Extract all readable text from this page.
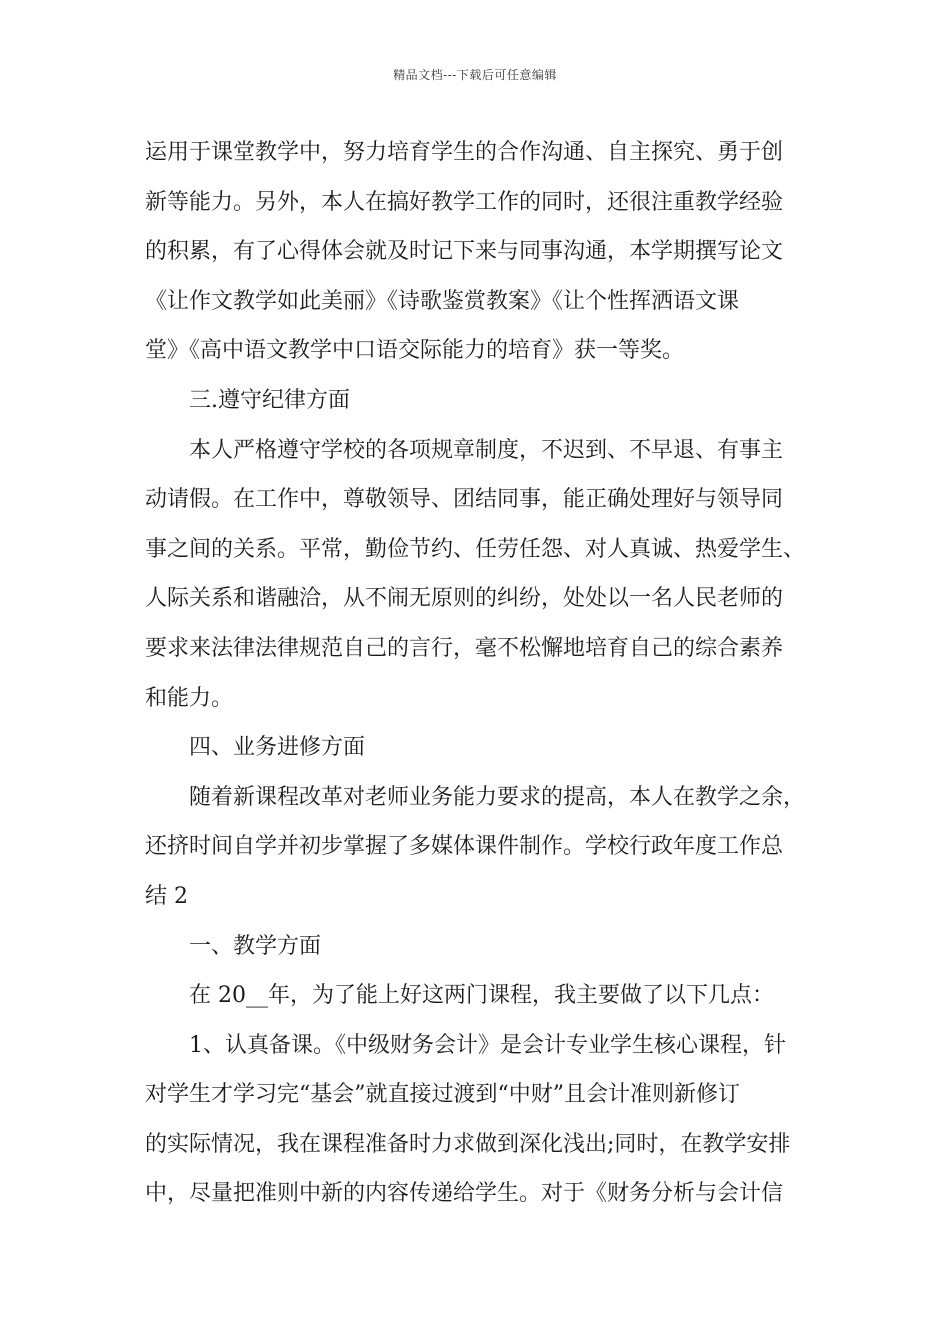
精品文档---下载后可任意编辑
运用于课堂教学中，努力培育学生的合作沟通、自主探究、勇于创
新等能力。另外，本人在搞好教学工作的同时，还很注重教学经验
的积累，有了心得体会就及时记下来与同事沟通，本学期撰写论文
《让作文教学如此美丽》《诗歌鉴赏教案》《让个性挥洒语文课
堂》《高中语文教学中口语交际能力的培育》获一等奖。
三.遵守纪律方面
本人严格遵守学校的各项规章制度，不迟到、不早退、有事主
动请假。在工作中，尊敬领导、团结同事，能正确处理好与领导同
事之间的关系。平常，勤俭节约、任劳任怨、对人真诚、热爱学生、
人际关系和谐融洽，从不闹无原则的纠纷，处处以一名人民老师的
要求来法律法律规范自己的言行，毫不松懈地培育自己的综合素养
和能力。
四、业务进修方面
随着新课程改革对老师业务能力要求的提高，本人在教学之余，
还挤时间自学并初步掌握了多媒体课件制作。学校行政年度工作总
结 2
一、教学方面
在 20__年，为了能上好这两门课程，我主要做了以下几点：
1、认真备课。《中级财务会计》是会计专业学生核心课程，针
对学生才学习完“基会”就直接过渡到“中财”且会计准则新修订
的实际情况，我在课程准备时力求做到深化浅出;同时，在教学安排
中，尽量把准则中新的内容传递给学生。对于《财务分析与会计信
